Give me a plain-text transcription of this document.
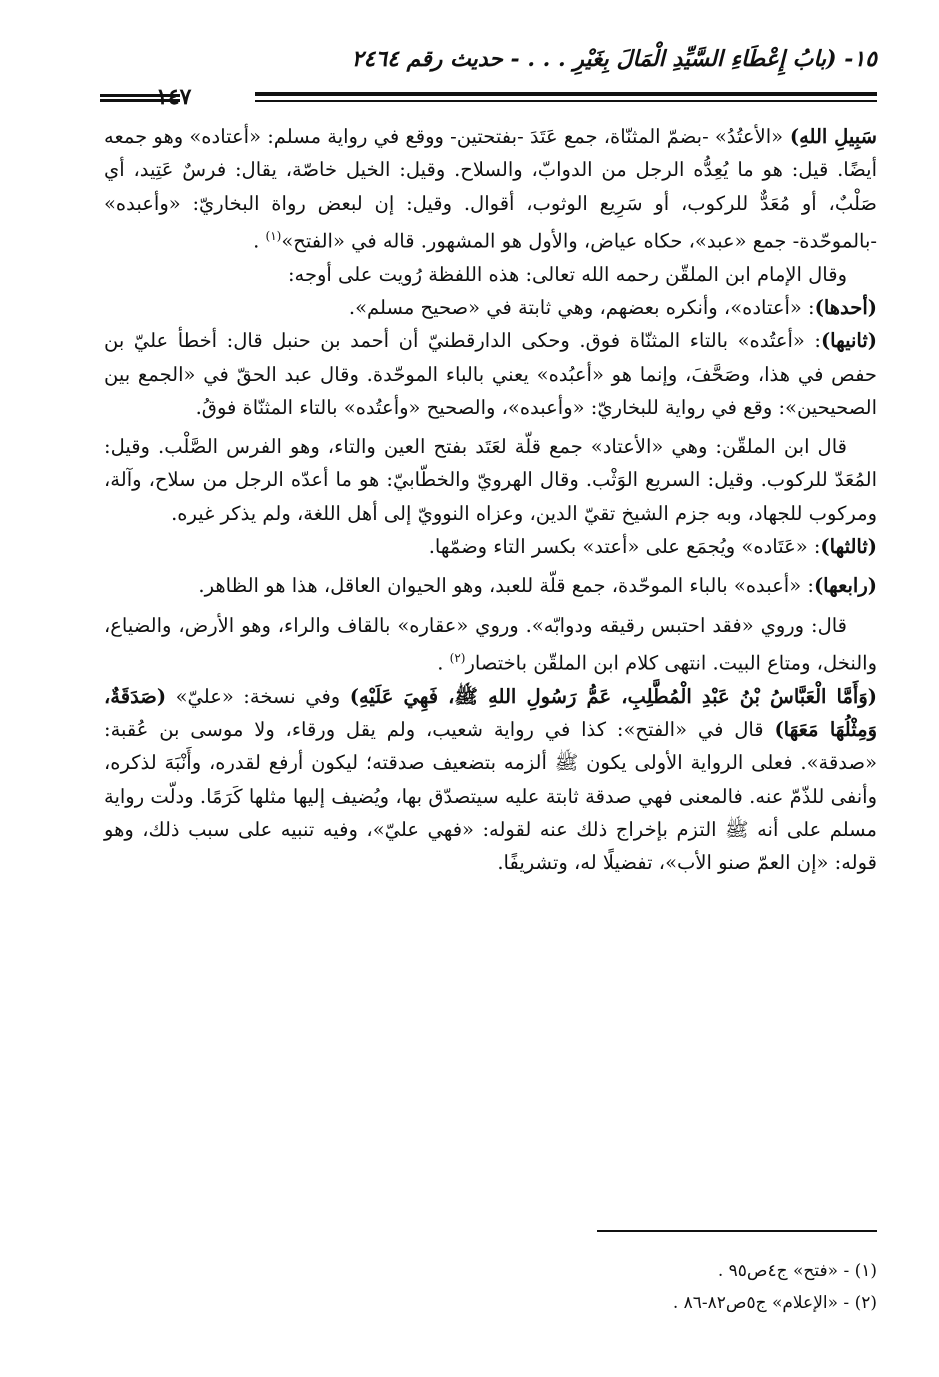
١٥- (بابُ إِعْطَاءِ السَّيِّدِ الْمَالَ بِغَيْرِ . . . - حديث رقم ٢٤٦٤
١٤٧

سَبِيلِ اللهِ) «الأعتُدُ» -بضمّ المثنّاة، جمع عَتَدَ -بفتحتين- ووقع في رواية مسلم: «أعتاده» وهو جمعه أيضًا. قيل: هو ما يُعِدُّه الرجل من الدوابّ، والسلاح. وقيل: الخيل خاصّة، يقال: فرسٌ عَتِيد، أي صَلْبٌ، أو مُعَدٌّ للركوب، أو سَرِيع الوثوب، أقوال. وقيل: إن لبعض رواة البخاريّ: «وأعبده» -بالموحّدة- جمع «عبد»، حكاه عياض، والأول هو المشهور. قاله في «الفتح»$^{(١)}$ .

وقال الإمام ابن الملقّن رحمه الله تعالى: هذه اللفظة رُويت على أوجه:

(أحدها): «أعتاده»، وأنكره بعضهم، وهي ثابتة في «صحيح مسلم».

(ثانيها): «أعتُده» بالتاء المثنّاة فوق. وحكى الدارقطنيّ أن أحمد بن حنبل قال: أخطأ عليّ بن حفص في هذا، وصَحَّفَ، وإنما هو «أعبُده» يعني بالباء الموحّدة. وقال عبد الحقّ في «الجمع بين الصحيحين»: وقع في رواية للبخاريّ: «وأعبده»، والصحيح «وأعتُده» بالتاء المثنّاة فوقُ.

قال ابن الملقّن: وهي «الأعتاد» جمع قلّة لعَتَد بفتح العين والتاء، وهو الفرس الصَّلْب. وقيل: المُعَدّ للركوب. وقيل: السريع الوَثْب. وقال الهرويّ والخطّابيّ: هو ما أعدّه الرجل من سلاح، وآلة، ومركوب للجهاد، وبه جزم الشيخ تقيّ الدين، وعزاه النوويّ إلى أهل اللغة، ولم يذكر غيره.

(ثالثها): «عَتَاده» ويُجمَع على «أعتد» بكسر التاء وضمّها.

(رابعها): «أعبده» بالباء الموحّدة، جمع قلّة للعبد، وهو الحيوان العاقل، هذا هو الظاهر.

قال: وروي «فقد احتبس رقيقه ودوابّه». وروي «عقاره» بالقاف والراء، وهو الأرض، والضياع، والنخل، ومتاع البيت. انتهى كلام ابن الملقّن باختصار$^{(٢)}$ .

(وَأَمَّا الْعَبَّاسُ بْنُ عَبْدِ الْمُطَّلِبِ، عَمُّ رَسُولِ اللهِ ﷺ، فَهِيَ عَلَيْهِ) وفي نسخة: «عليّ» (صَدَقَةٌ، وَمِثْلُهَا مَعَهَا) قال في «الفتح»: كذا في رواية شعيب، ولم يقل ورقاء، ولا موسى بن عُقبة: «صدقة». فعلى الرواية الأولى يكون ﷺ ألزمه بتضعيف صدقته؛ ليكون أرفع لقدره، وأَنْبَهَ لذكره، وأنفى للذّمّ عنه. فالمعنى فهي صدقة ثابتة عليه سيتصدّق بها، ويُضيف إليها مثلها كَرَمًا. ودلّت رواية مسلم على أنه ﷺ التزم بإخراج ذلك عنه لقوله: «فهي عليّ»، وفيه تنبيه على سبب ذلك، وهو قوله: «إن العمّ صنو الأب»، تفضيلًا له، وتشريفًا.

(١) - «فتح» ج٤ص٩٥ .

(٢) - «الإعلام» ج٥ص٨٢-٨٦ .
